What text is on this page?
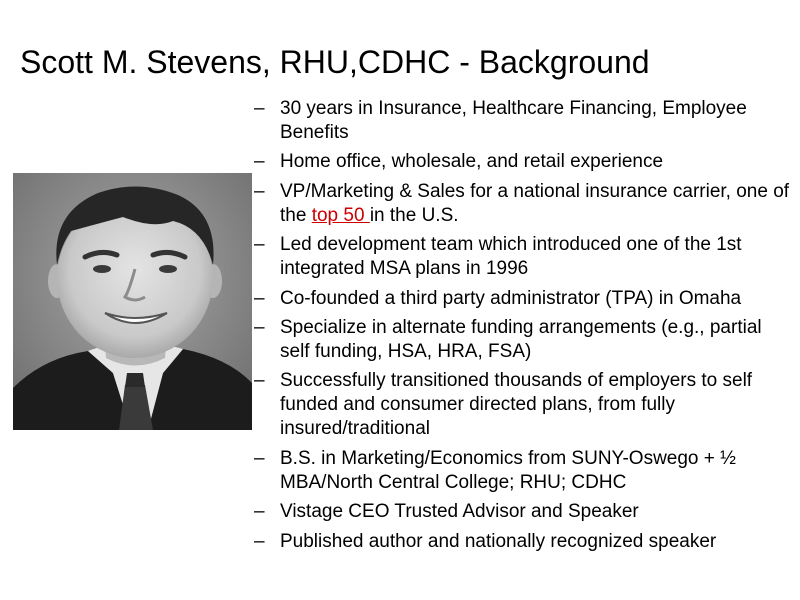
Scott M. Stevens, RHU,CDHC - Background
– 30 years in Insurance, Healthcare Financing, Employee Benefits
– Home office, wholesale, and retail experience
– VP/Marketing & Sales for a national insurance carrier, one of the top 50 in the U.S.
– Led development team which introduced one of the 1st integrated MSA plans in 1996
– Co-founded a third party administrator (TPA) in Omaha
– Specialize in alternate funding arrangements (e.g., partial self funding, HSA, HRA, FSA)
– Successfully transitioned thousands of employers to self funded and consumer directed plans, from fully insured/traditional
– B.S. in Marketing/Economics from SUNY-Oswego + ½ MBA/North Central College; RHU; CDHC
– Vistage CEO Trusted Advisor and Speaker
– Published author and nationally recognized speaker
